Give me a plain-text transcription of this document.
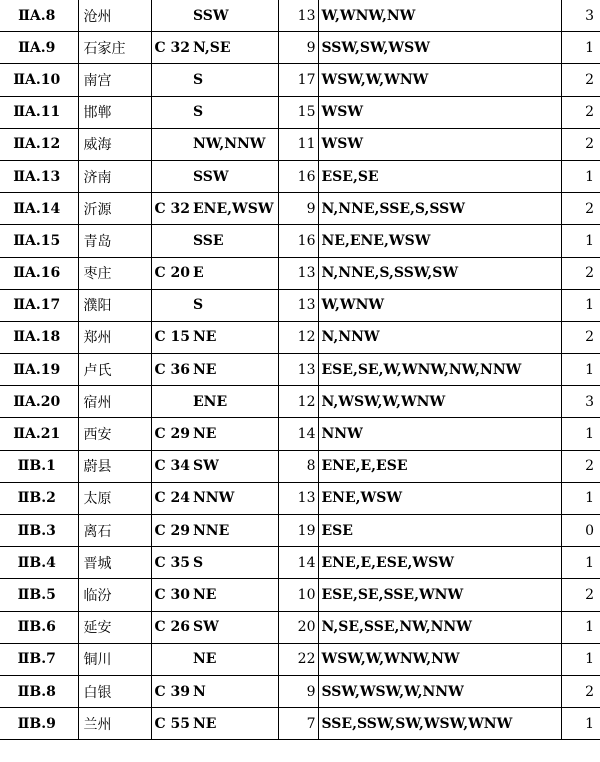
ⅡA.8	沧州		SSW	13	W,WNW,NW	3
ⅡA.9	石家庄	C 32	N,SE	9	SSW,SW,WSW	1
ⅡA.10	南宫		S	17	WSW,W,WNW	2
ⅡA.11	邯郸		S	15	WSW	2
ⅡA.12	威海		NW,NNW	11	WSW	2
ⅡA.13	济南		SSW	16	ESE,SE	1
ⅡA.14	沂源	C 32	ENE,WSW	9	N,NNE,SSE,S,SSW	2
ⅡA.15	青岛		SSE	16	NE,ENE,WSW	1
ⅡA.16	枣庄	C 20	E	13	N,NNE,S,SSW,SW	2
ⅡA.17	濮阳		S	13	W,WNW	1
ⅡA.18	郑州	C 15	NE	12	N,NNW	2
ⅡA.19	卢氏	C 36	NE	13	ESE,SE,W,WNW,NW,NNW	1
ⅡA.20	宿州		ENE	12	N,WSW,W,WNW	3
ⅡA.21	西安	C 29	NE	14	NNW	1
ⅡB.1	蔚县	C 34	SW	8	ENE,E,ESE	2
ⅡB.2	太原	C 24	NNW	13	ENE,WSW	1
ⅡB.3	离石	C 29	NNE	19	ESE	0
ⅡB.4	晋城	C 35	S	14	ENE,E,ESE,WSW	1
ⅡB.5	临汾	C 30	NE	10	ESE,SE,SSE,WNW	2
ⅡB.6	延安	C 26	SW	20	N,SE,SSE,NW,NNW	1
ⅡB.7	铜川		NE	22	WSW,W,WNW,NW	1
ⅡB.8	白银	C 39	N	9	SSW,WSW,W,NNW	2
ⅡB.9	兰州	C 55	NE	7	SSE,SSW,SW,WSW,WNW	1
